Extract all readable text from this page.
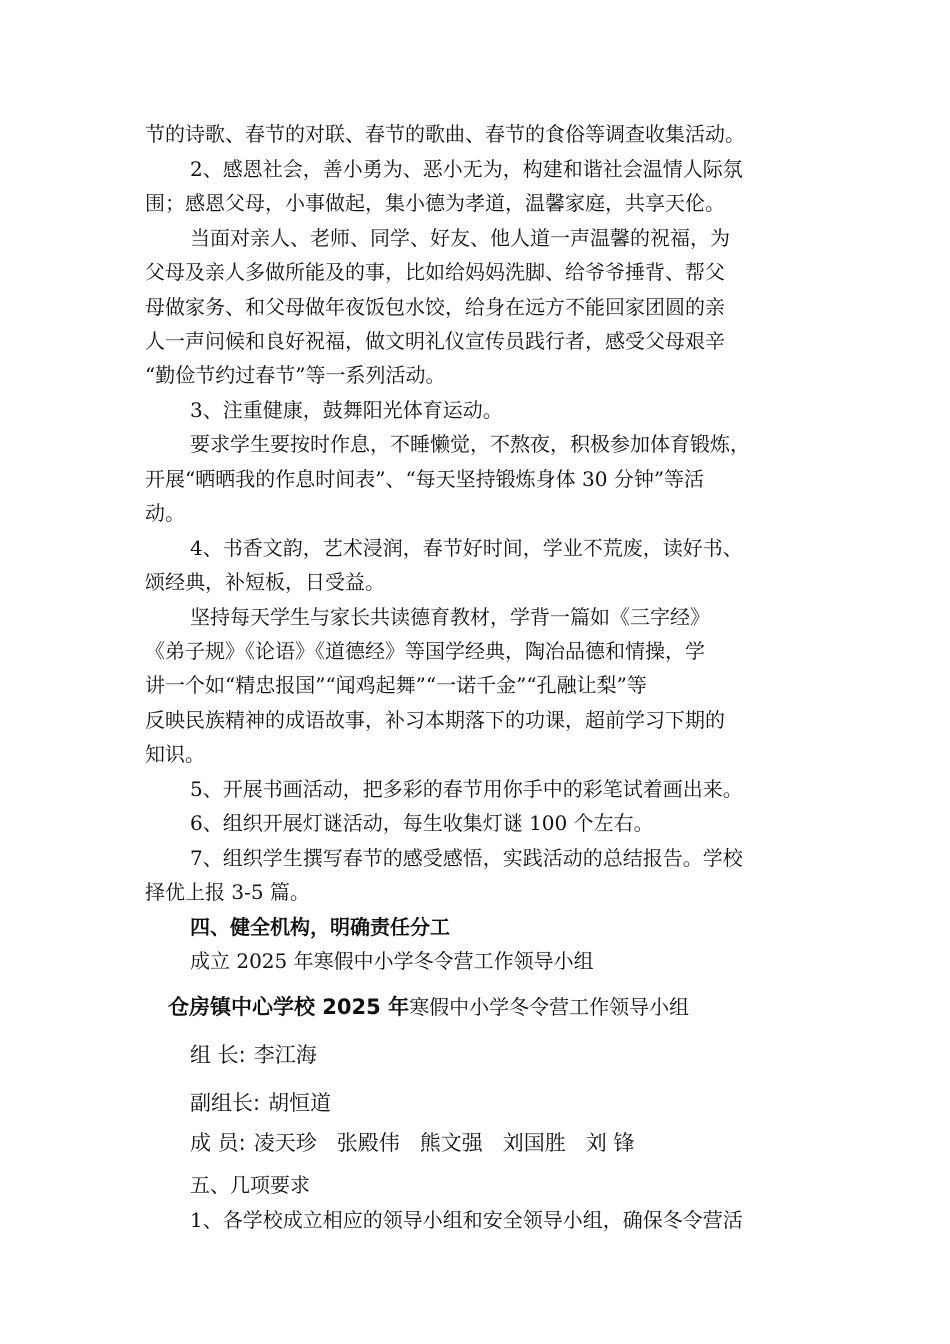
节的诗歌、春节的对联、春节的歌曲、春节的食俗等调查收集活动。

2、感恩社会，善小勇为、恶小无为，构建和谐社会温情人际氛

围；感恩父母，小事做起，集小德为孝道，温馨家庭，共享天伦。

当面对亲人、老师、同学、好友、他人道一声温馨的祝福，为

父母及亲人多做所能及的事，比如给妈妈洗脚、给爷爷捶背、帮父

母做家务、和父母做年夜饭包水饺，给身在远方不能回家团圆的亲

人一声问候和良好祝福，做文明礼仪宣传员践行者，感受父母艰辛

“勤俭节约过春节”等一系列活动。

3、注重健康，鼓舞阳光体育运动。

要求学生要按时作息，不睡懒觉，不熬夜，积极参加体育锻炼，

开展“晒晒我的作息时间表”、“每天坚持锻炼身体 30 分钟”等活

动。

4、书香文韵，艺术浸润，春节好时间，学业不荒废，读好书、

颂经典，补短板，日受益。

坚持每天学生与家长共读德育教材，学背一篇如《三字经》

《弟子规》《论语》《道德经》等国学经典，陶冶品德和情操，学

讲一个如“精忠报国”“闻鸡起舞”“一诺千金”“孔融让梨”等

反映民族精神的成语故事，补习本期落下的功课，超前学习下期的

知识。

5、开展书画活动，把多彩的春节用你手中的彩笔试着画出来。

6、组织开展灯谜活动，每生收集灯谜 100 个左右。

7、组织学生撰写春节的感受感悟，实践活动的总结报告。学校

择优上报 3-5 篇。

四、健全机构，明确责任分工

成立 2025 年寒假中小学冬令营工作领导小组

仓房镇中心学校 2025 年寒假中小学冬令营工作领导小组

组 长: 李江海

副组长: 胡恒道

成 员: 凌天珍 张殿伟 熊文强 刘国胜 刘 锋

五、几项要求

1、各学校成立相应的领导小组和安全领导小组，确保冬令营活
